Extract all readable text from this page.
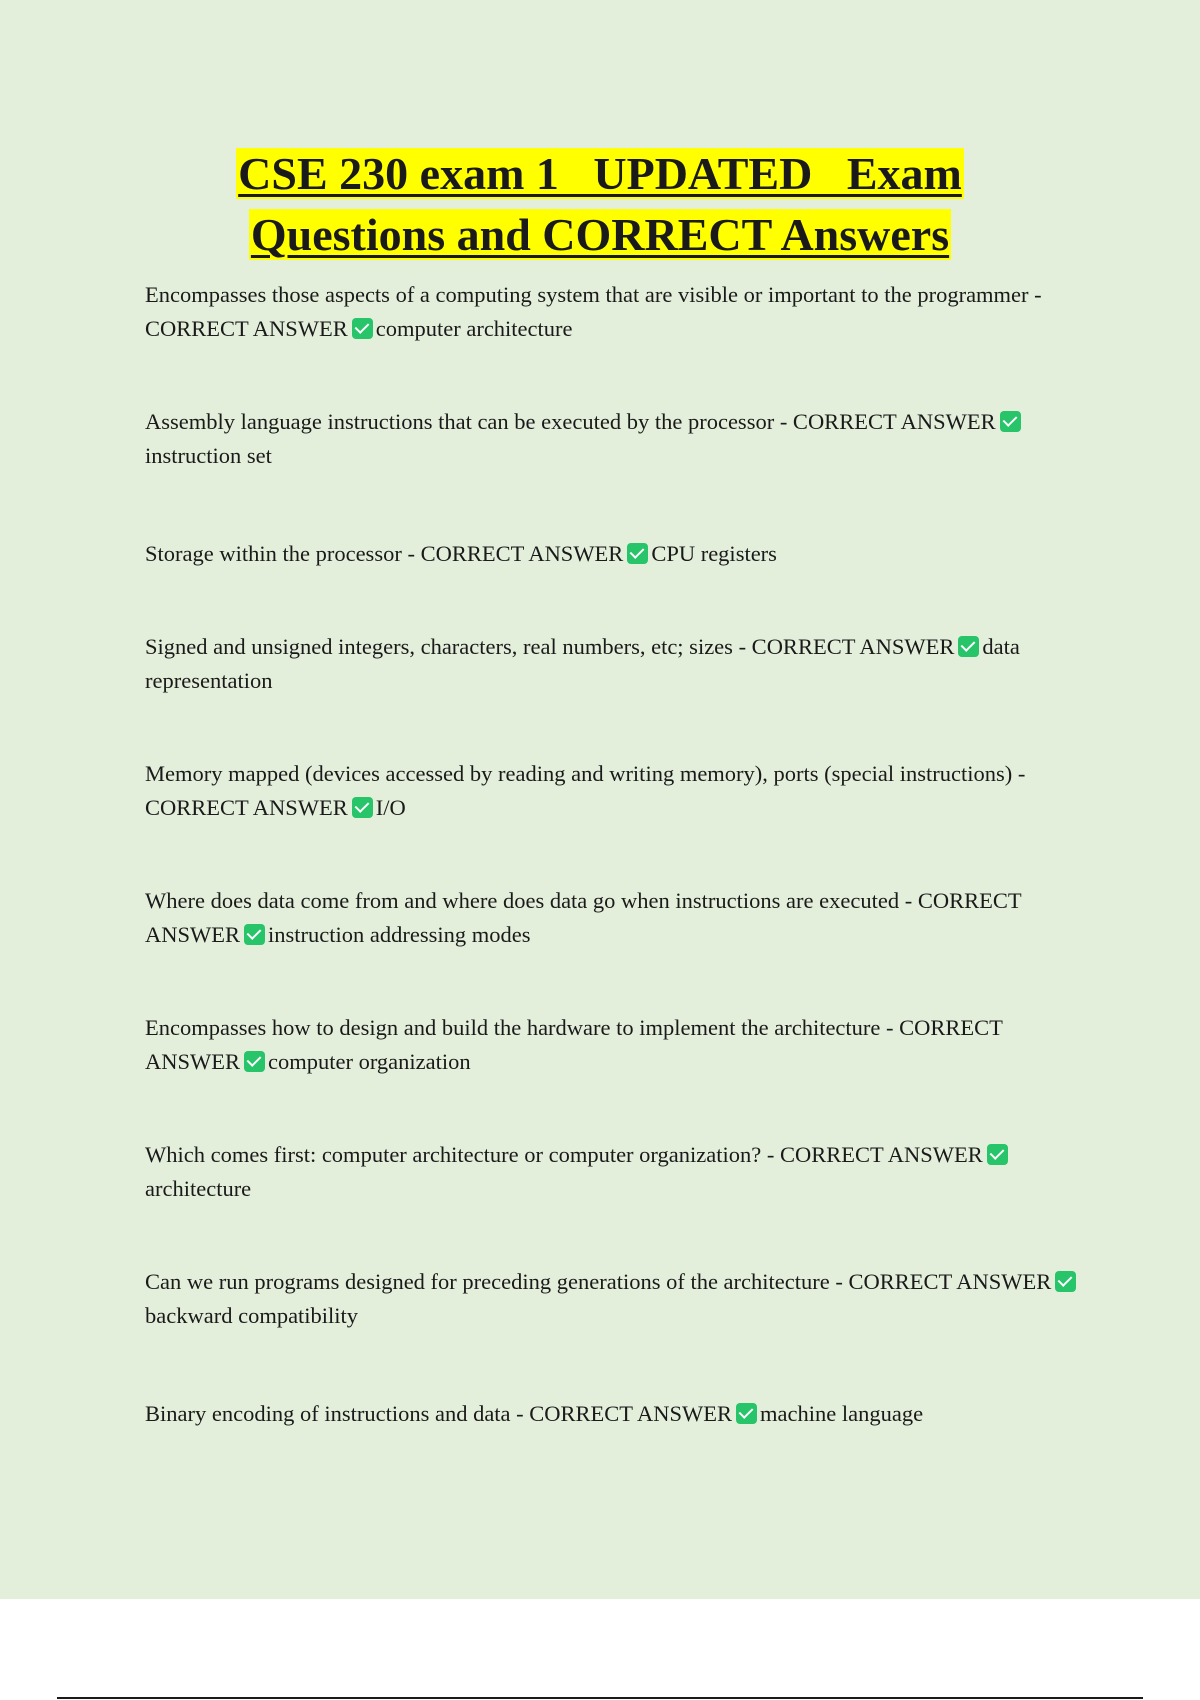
CSE 230 exam 1   UPDATED   Exam
Questions and CORRECT Answers
Encompasses those aspects of a computing system that are visible or important to the programmer - CORRECT ANSWER computer architecture
Assembly language instructions that can be executed by the processor - CORRECT ANSWERinstruction set
Storage within the processor - CORRECT ANSWER CPU registers
Signed and unsigned integers, characters, real numbers, etc; sizes - CORRECT ANSWER data representation
Memory mapped (devices accessed by reading and writing memory), ports (special instructions) - CORRECT ANSWER I/O
Where does data come from and where does data go when instructions are executed - CORRECT ANSWER instruction addressing modes
Encompasses how to design and build the hardware to implement the architecture - CORRECT ANSWER computer organization
Which comes first: computer architecture or computer organization? - CORRECT ANSWERarchitecture
Can we run programs designed for preceding generations of the architecture - CORRECT ANSWERbackward compatibility
Binary encoding of instructions and data - CORRECT ANSWER machine language
